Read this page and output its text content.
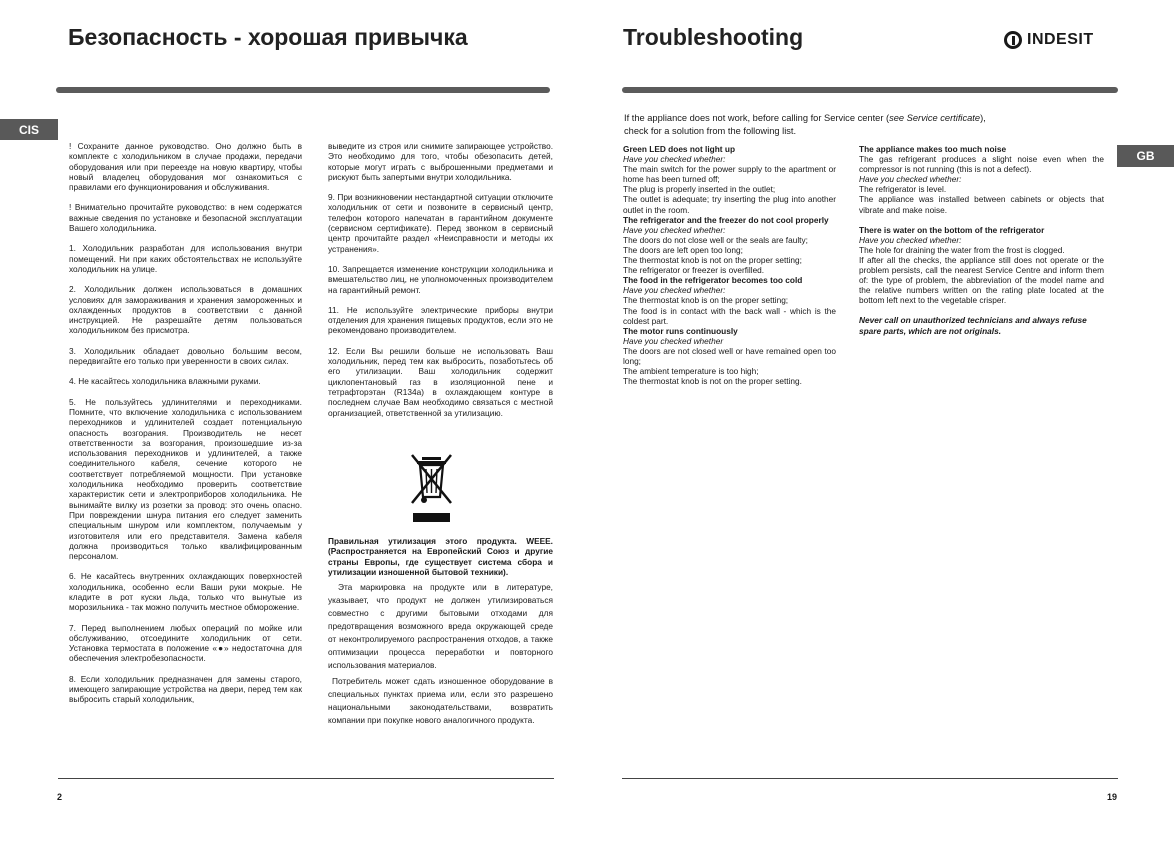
Безопасность - хорошая привычка
CIS

! Сохраните данное руководство. Оно должно быть в комплекте с холодильником в случае продажи, передачи оборудования или при переезде на новую квартиру, чтобы новый владелец оборудования мог ознакомиться с правилами его функционирования и обслуживания.

! Внимательно прочитайте руководство: в нем содержатся важные сведения по установке и безопасной эксплуатации Вашего холодильника.

1. Холодильник разработан для использования внутри помещений. Ни при каких обстоятельствах не используйте холодильник на улице.

2. Холодильник должен использоваться в домашних условиях для замораживания и хранения замороженных и охлажденных продуктов в соответствии с данной инструкцией. Не разрешайте детям пользоваться холодильником без присмотра.

3. Холодильник обладает довольно большим весом, передвигайте его только при уверенности в своих силах.

4. Не касайтесь холодильника влажными руками.

5. Не пользуйтесь удлинителями и переходниками. Помните, что включение холодильника с использованием переходников и удлинителей создает потенциальную опасность возгорания. Производитель не несет ответственности за возгорания, произошедшие из-за использования переходников и удлинителей, а также соединительного кабеля, сечение которого не соответствует потребляемой мощности. При установке холодильника необходимо проверить соответствие характеристик сети и электроприборов холодильника. Не вынимайте вилку из розетки за провод: это очень опасно. При повреждении шнура питания его следует заменить специальным шнуром или комплектом, получаемым у изготовителя или его представителя. Замена кабеля должна производиться только квалифицированным персоналом.

6. Не касайтесь внутренних охлаждающих поверхностей холодильника, особенно если Ваши руки мокрые. Не кладите в рот куски льда, только что вынутые из морозильника - так можно получить местное обморожение.

7. Перед выполнением любых операций по мойке или обслуживанию, отсоедините холодильник от сети. Установка термостата в положение «●» недостаточна для обеспечения электробезопасности.

8. Если холодильник предназначен для замены старого, имеющего запирающие устройства на двери, перед тем как выбросить старый холодильник,

выведите из строя или снимите запирающее устройство. Это необходимо для того, чтобы обезопасить детей, которые могут играть с выброшенными предметами и рискуют быть запертыми внутри холодильника.

9. При возникновении нестандартной ситуации отключите холодильник от сети и позвоните в сервисный центр, телефон которого напечатан в гарантийном документе (сервисном сертификате). Перед звонком в сервисный центр прочитайте раздел «Неисправности и методы их устранения».

10. Запрещается изменение конструкции холодильника и вмешательство лиц, не уполномоченных производителем на гарантийный ремонт.

11. Не используйте электрические приборы внутри отделения для хранения пищевых продуктов, если это не рекомендовано производителем.

12. Если Вы решили больше не использовать Ваш холодильник, перед тем как выбросить, позаботьтесь об его утилизации. Ваш холодильник содержит циклопентановый газ в изоляционной пене и тетрафторэтан (R134a) в охлаждающем контуре в последнем случае Вам необходимо связаться с местной организацией, ответственной за утилизацию.

Правильная утилизация этого продукта. WEEE. (Распространяется на Европейский Союз и другие страны Европы, где существует система сбора и утилизации изношенной бытовой техники).
Эта маркировка на продукте или в литературе, указывает, что продукт не должен утилизироваться совместно с другими бытовыми отходами для предотвращения возможного вреда окружающей среде от неконтролируемого распространения отходов, а также оптимизации процесса переработки и повторного использования материалов.
Потребитель может сдать изношенное оборудование в специальных пунктах приема или, если это разрешено национальными законодательствами, возвратить компании при покупке нового аналогичного продукта.
2
Troubleshooting	INDESIT
If the appliance does not work, before calling for Service center (see Service certificate),
check for a solution from the following list.
GB
Green LED does not light up
Have you checked whether:
The main switch for the power supply to the apartment or home has been turned off;
The plug is properly inserted in the outlet;
The outlet is adequate; try inserting the plug into another outlet in the room.
The refrigerator and the freezer do not cool properly
Have you checked whether:
The doors do not close well or the seals are faulty;
The doors are left open too long;
The thermostat knob is not on the proper setting;
The refrigerator or freezer is overfilled.
The food in the refrigerator becomes too cold
Have you checked whether:
The thermostat knob is on the proper setting;
The food is in contact with the back wall - which is the coldest part.
The motor runs continuously
Have you checked whether
The doors are not closed well or have remained open too long;
The ambient temperature is too high;
The thermostat knob is not on the proper setting.
The appliance makes too much noise
The gas refrigerant produces a slight noise even when the compressor is not running (this is not a defect).
Have you checked whether:
The refrigerator is level.
The appliance was installed between cabinets or objects that vibrate and make noise.
There is water on the bottom of the refrigerator
Have you checked whether:
The hole for draining the water from the frost is clogged.
If after all the checks, the appliance still does not operate or the problem persists, call the nearest Service Centre and inform them of: the type of problem, the abbreviation of the model name and the relative numbers written on the rating plate located at the bottom left next to the vegetable crisper.
Never call on unauthorized technicians and always refuse spare parts, which are not originals.
19
